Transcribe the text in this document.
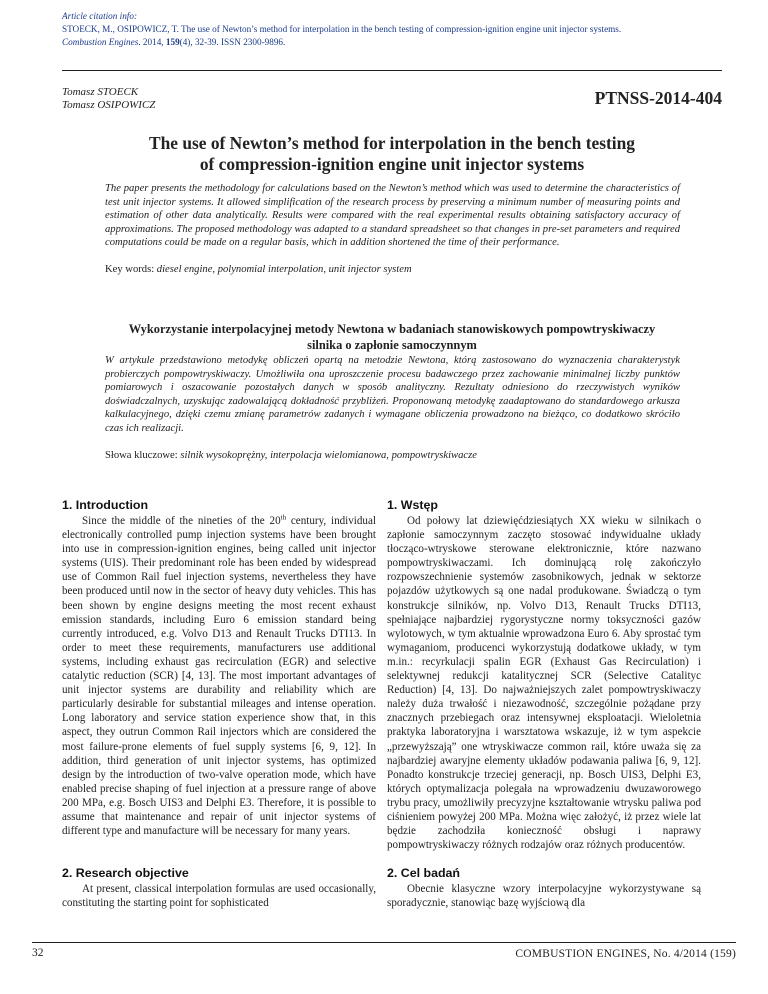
Article citation info:
STOECK, M., OSIPOWICZ, T. The use of Newton’s method for interpolation in the bench testing of compression-ignition engine unit injector systems.
Combustion Engines. 2014, 159(4), 32-39. ISSN 2300-9896.
Tomasz STOECK
Tomasz OSIPOWICZ	PTNSS-2014-404
The use of Newton’s method for interpolation in the bench testing
of compression-ignition engine unit injector systems
The paper presents the methodology for calculations based on the Newton’s method which was used to determine the characteristics of test unit injector systems. It allowed simplification of the research process by preserving a minimum number of measuring points and estimation of other data analytically. Results were compared with the real experimental results obtaining satisfactory accuracy of approximations. The proposed methodology was adapted to a standard spreadsheet so that changes in pre-set parameters and required computations could be made on a regular basis, which in addition shortened the time of their performance.
Key words: diesel engine, polynomial interpolation, unit injector system
Wykorzystanie interpolacyjnej metody Newtona w badaniach stanowiskowych pompowtryskiwaczy
silnika o zapłonie samoczynnym
W artykule przedstawiono metodykę obliczeń opartą na metodzie Newtona, którą zastosowano do wyznaczenia charakterystyk probierczych pompowtryskiwaczy. Umożliwiła ona uproszczenie procesu badawczego przez zachowanie minimalnej liczby punktów pomiarowych i oszacowanie pozostałych danych w sposób analityczny. Rezultaty odniesiono do rzeczywistych wyników doświadczalnych, uzyskując zadowalającą dokładność przybliżeń. Proponowaną metodykę zaadaptowano do standardowego arkusza kalkulacyjnego, dzięki czemu zmianę parametrów zadanych i wymagane obliczenia prowadzono na bieżąco, co dodatkowo skróciło czas ich realizacji.
Słowa kluczowe: silnik wysokoprężny, interpolacja wielomianowa, pompowtryskiwacze
1. Introduction

Since the middle of the nineties of the 20th century, individual electronically controlled pump injection systems have been brought into use in compression-ignition engines, being called unit injector systems (UIS). Their predominant role has been ended by widespread use of Common Rail fuel injection systems, nevertheless they have been produced until now in the sector of heavy duty vehicles. This has been shown by engine designs meeting the most recent exhaust emission standards, including Euro 6 emission standard being currently introduced, e.g. Volvo D13 and Renault Trucks DTI13. In order to meet these requirements, manufacturers use additional systems, including exhaust gas recirculation (EGR) and selective catalytic reduction (SCR) [4, 13]. The most important advantages of unit injector systems are durability and reliability which are particularly desirable for substantial mileages and intense operation. Long laboratory and service station experience show that, in this aspect, they outrun Common Rail injectors which are considered the most failure-prone elements of fuel supply systems [6, 9, 12]. In addition, third generation of unit injector systems, has optimized design by the introduction of two-valve operation mode, which have enabled precise shaping of fuel injection at a pressure range of above 200 MPa, e.g. Bosch UIS3 and Delphi E3. Therefore, it is possible to assume that maintenance and repair of unit injector systems of different type and manufacture will be necessary for many years.

2. Research objective

At present, classical interpolation formulas are used occasionally, constituting the starting point for sophisticated

1. Wstęp

Od połowy lat dziewięćdziesiątych XX wieku w silnikach o zapłonie samoczynnym zaczęto stosować indywidualne układy tłocząco-wtryskowe sterowane elektronicznie, które nazwano pompowtryskiwaczami. Ich dominującą rolę zakończyło rozpowszechnienie systemów zasobnikowych, jednak w sektorze pojazdów użytkowych są one nadal produkowane. Świadczą o tym konstrukcje silników, np. Volvo D13, Renault Trucks DTI13, spełniające najbardziej rygorystyczne normy toksyczności gazów wylotowych, w tym aktualnie wprowadzona Euro 6. Aby sprostać tym wymaganiom, producenci wykorzystują dodatkowe układy, w tym m.in.: recyrkulacji spalin EGR (Exhaust Gas Recirculation) i selektywnej redukcji katalitycznej SCR (Selective Catalityc Reduction) [4, 13]. Do najważniejszych zalet pompowtryskiwaczy należy duża trwałość i niezawodność, szczególnie pożądane przy znacznych przebiegach oraz intensywnej eksploatacji. Wieloletnia praktyka laboratoryjna i warsztatowa wskazuje, iż w tym aspekcie „przewyższają” one wtryskiwacze common rail, które uważa się za najbardziej awaryjne elementy układów podawania paliwa [6, 9, 12]. Ponadto konstrukcje trzeciej generacji, np. Bosch UIS3, Delphi E3, których optymalizacja polegała na wprowadzeniu dwuzaworowego trybu pracy, umożliwiły precyzyjne kształtowanie wtrysku paliwa pod ciśnieniem powyżej 200 MPa. Można więc założyć, iż przez wiele lat będzie zachodziła konieczność obsługi i naprawy pompowtryskiwaczy różnych rodzajów oraz różnych producentów.

2. Cel badań

Obecnie klasyczne wzory interpolacyjne wykorzystywane są sporadycznie, stanowiąc bazę wyjściową dla

32	COMBUSTION ENGINES, No. 4/2014 (159)
